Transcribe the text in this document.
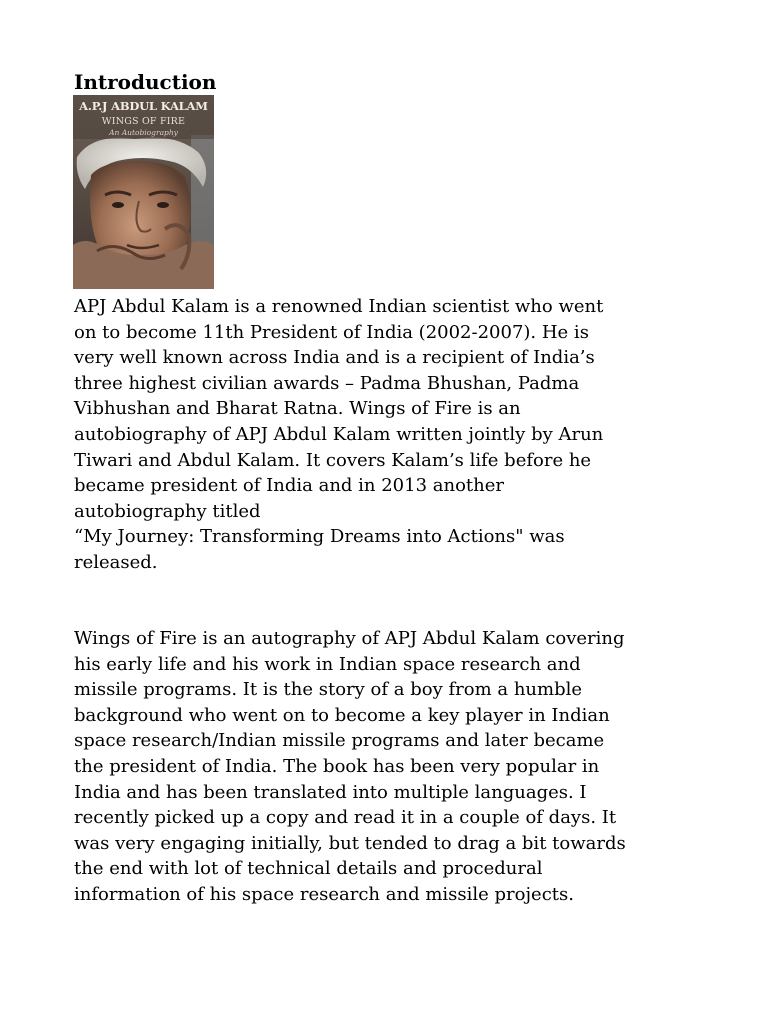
Introduction
A.P.J ABDUL KALAM
WINGS OF FIRE
An Autobiography

APJ Abdul Kalam is a renowned Indian scientist who went
on to become 11th President of India (2002-2007). He is
very well known across India and is a recipient of India’s
three highest civilian awards – Padma Bhushan, Padma
Vibhushan and Bharat Ratna. Wings of Fire is an
autobiography of APJ Abdul Kalam written jointly by Arun
Tiwari and Abdul Kalam. It covers Kalam’s life before he
became president of India and in 2013 another
autobiography titled
“My Journey: Transforming Dreams into Actions" was
released.

Wings of Fire is an autography of APJ Abdul Kalam covering
his early life and his work in Indian space research and
missile programs. It is the story of a boy from a humble
background who went on to become a key player in Indian
space research/Indian missile programs and later became
the president of India. The book has been very popular in
India and has been translated into multiple languages. I
recently picked up a copy and read it in a couple of days. It
was very engaging initially, but tended to drag a bit towards
the end with lot of technical details and procedural
information of his space research and missile projects.
